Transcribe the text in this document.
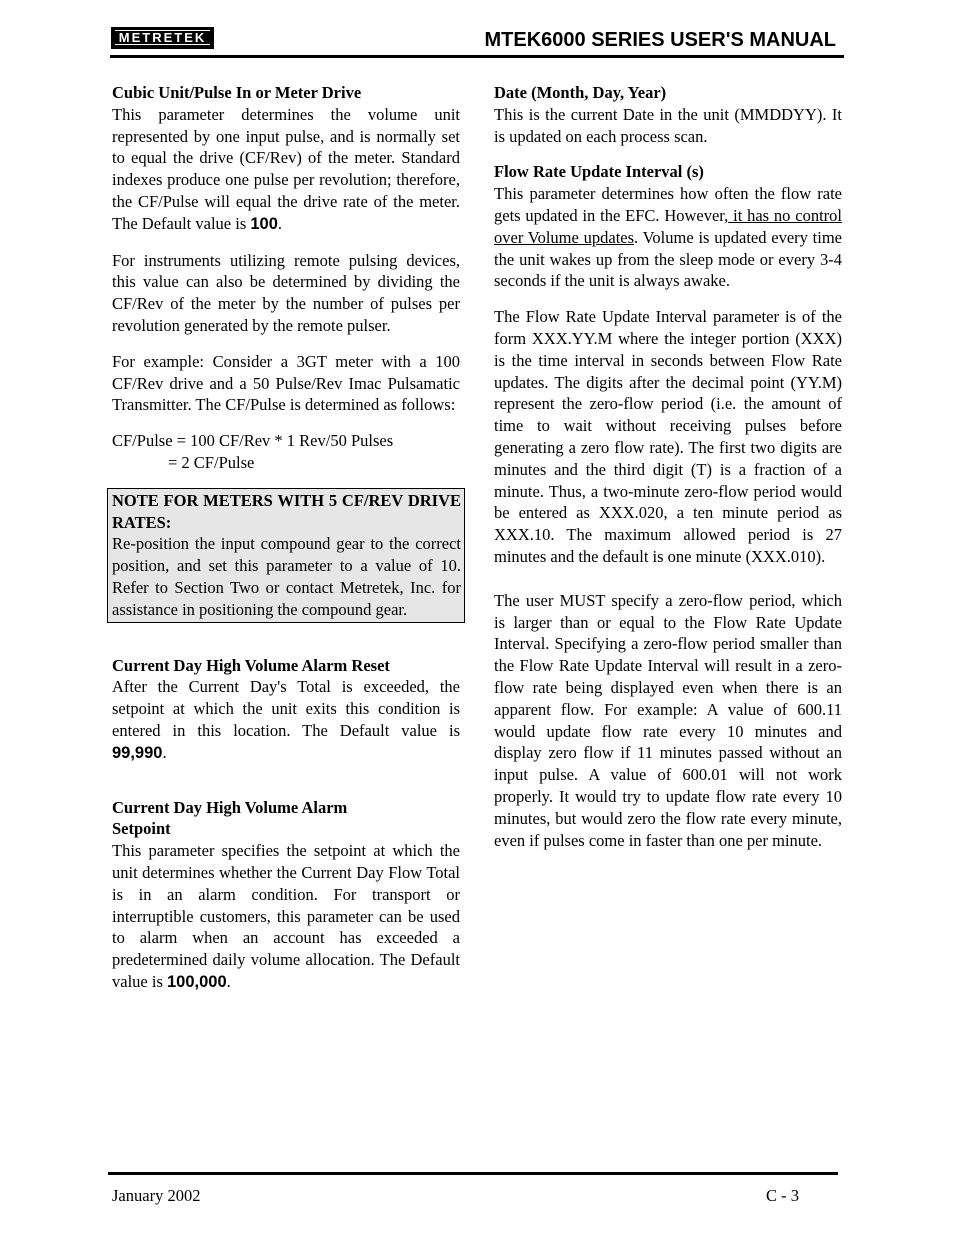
METRETEK	MTEK6000 SERIES USER'S MANUAL
Cubic Unit/Pulse In or Meter Drive

This parameter determines the volume unit represented by one input pulse, and is normally set to equal the drive (CF/Rev) of the meter. Standard indexes produce one pulse per revolution; therefore, the CF/Pulse will equal the drive rate of the meter. The Default value is 100.

For instruments utilizing remote pulsing devices, this value can also be determined by dividing the CF/Rev of the meter by the number of pulses per revolution generated by the remote pulser.

For example: Consider a 3GT meter with a 100 CF/Rev drive and a 50 Pulse/Rev Imac Pulsamatic Transmitter. The CF/Pulse is determined as follows:

CF/Pulse = 100 CF/Rev * 1 Rev/50 Pulses
= 2 CF/Pulse
NOTE FOR METERS WITH 5 CF/REV DRIVE RATES:
Re-position the input compound gear to the correct position, and set this parameter to a value of 10. Refer to Section Two or contact Metretek, Inc. for assistance in positioning the compound gear.
Current Day High Volume Alarm Reset

After the Current Day's Total is exceeded, the setpoint at which the unit exits this condition is entered in this location. The Default value is 99,990.

Current Day High Volume Alarm
Setpoint

This parameter specifies the setpoint at which the unit determines whether the Current Day Flow Total is in an alarm condition. For transport or interruptible customers, this parameter can be used to alarm when an account has exceeded a predetermined daily volume allocation. The Default value is 100,000.

Date (Month, Day, Year)

This is the current Date in the unit (MMDDYY). It is updated on each process scan.

Flow Rate Update Interval (s)

This parameter determines how often the flow rate gets updated in the EFC. However, it has no control over Volume updates. Volume is updated every time the unit wakes up from the sleep mode or every 3-4 seconds if the unit is always awake.

The Flow Rate Update Interval parameter is of the form XXX.YY.M where the integer portion (XXX) is the time interval in seconds between Flow Rate updates. The digits after the decimal point (YY.M) represent the zero-flow period (i.e. the amount of time to wait without receiving pulses before generating a zero flow rate). The first two digits are minutes and the third digit (T) is a fraction of a minute. Thus, a two-minute zero-flow period would be entered as XXX.020, a ten minute period as XXX.10. The maximum allowed period is 27 minutes and the default is one minute (XXX.010).

The user MUST specify a zero-flow period, which is larger than or equal to the Flow Rate Update Interval. Specifying a zero-flow period smaller than the Flow Rate Update Interval will result in a zero-flow rate being displayed even when there is an apparent flow. For example: A value of 600.11 would update flow rate every 10 minutes and display zero flow if 11 minutes passed without an input pulse. A value of 600.01 will not work properly. It would try to update flow rate every 10 minutes, but would zero the flow rate every minute, even if pulses come in faster than one per minute.

January 2002	C - 3
